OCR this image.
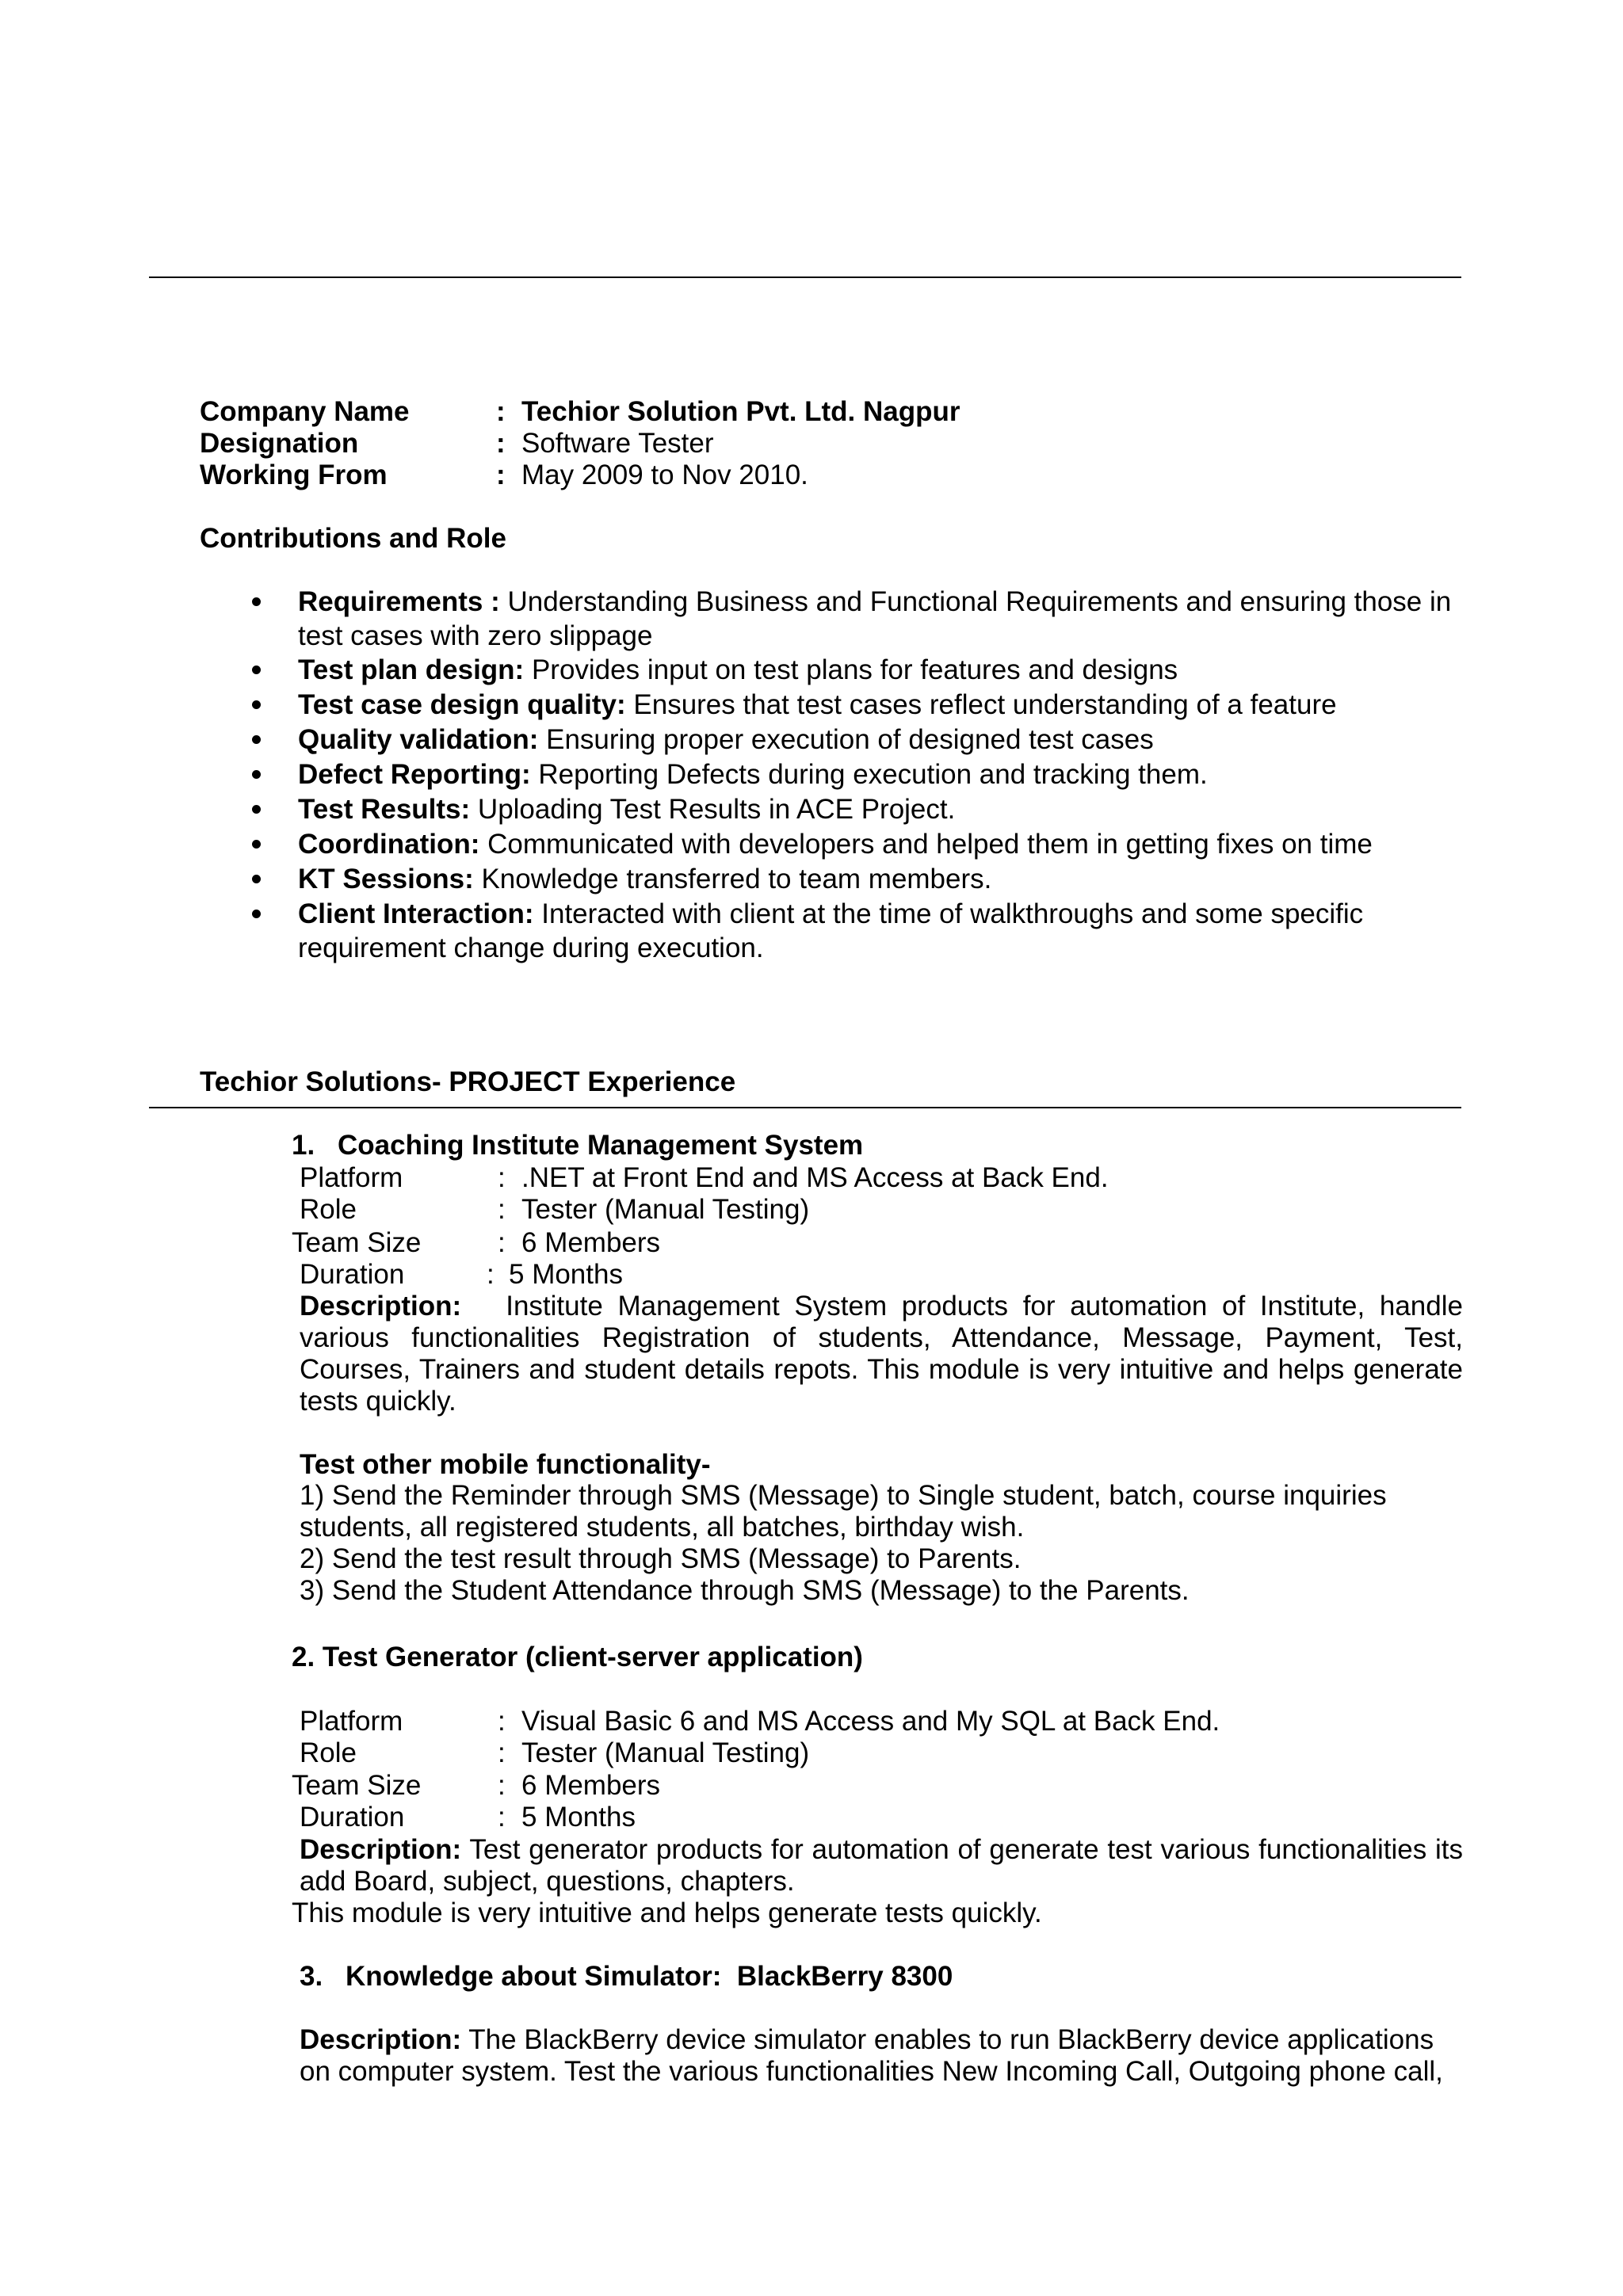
Company Name	: Techior Solution Pvt. Ltd. Nagpur
Designation	: Software Tester
Working From	: May 2009 to Nov 2010.
Contributions and Role
Requirements : Understanding Business and Functional Requirements and ensuring those in test cases with zero slippage
Test plan design: Provides input on test plans for features and designs
Test case design quality: Ensures that test cases reflect understanding of a feature
Quality validation: Ensuring proper execution of designed test cases
Defect Reporting: Reporting Defects during execution and tracking them.
Test Results: Uploading Test Results in ACE Project.
Coordination: Communicated with developers and helped them in getting fixes on time
KT Sessions: Knowledge transferred to team members.
Client Interaction: Interacted with client at the time of walkthroughs and some specific requirement change during execution.
Techior Solutions- PROJECT Experience
1. Coaching Institute Management System
Platform	: .NET at Front End and MS Access at Back End.
Role	: Tester (Manual Testing)
Team Size	: 6 Members
Duration	: 5 Months
Description: Institute Management System products for automation of Institute, handle various functionalities Registration of students, Attendance, Message, Payment, Test, Courses, Trainers and student details repots. This module is very intuitive and helps generate tests quickly.
Test other mobile functionality-
1) Send the Reminder through SMS (Message) to Single student, batch, course inquiries
students, all registered students, all batches, birthday wish.
2) Send the test result through SMS (Message) to Parents.
3) Send the Student Attendance through SMS (Message) to the Parents.
2. Test Generator (client-server application)
Platform	: Visual Basic 6 and MS Access and My SQL at Back End.
Role	: Tester (Manual Testing)
Team Size	: 6 Members
Duration	: 5 Months
Description: Test generator products for automation of generate test various functionalities its add Board, subject, questions, chapters.
This module is very intuitive and helps generate tests quickly.
3. Knowledge about Simulator:  BlackBerry 8300
Description: The BlackBerry device simulator enables to run BlackBerry device applications on computer system. Test the various functionalities New Incoming Call, Outgoing phone call,
